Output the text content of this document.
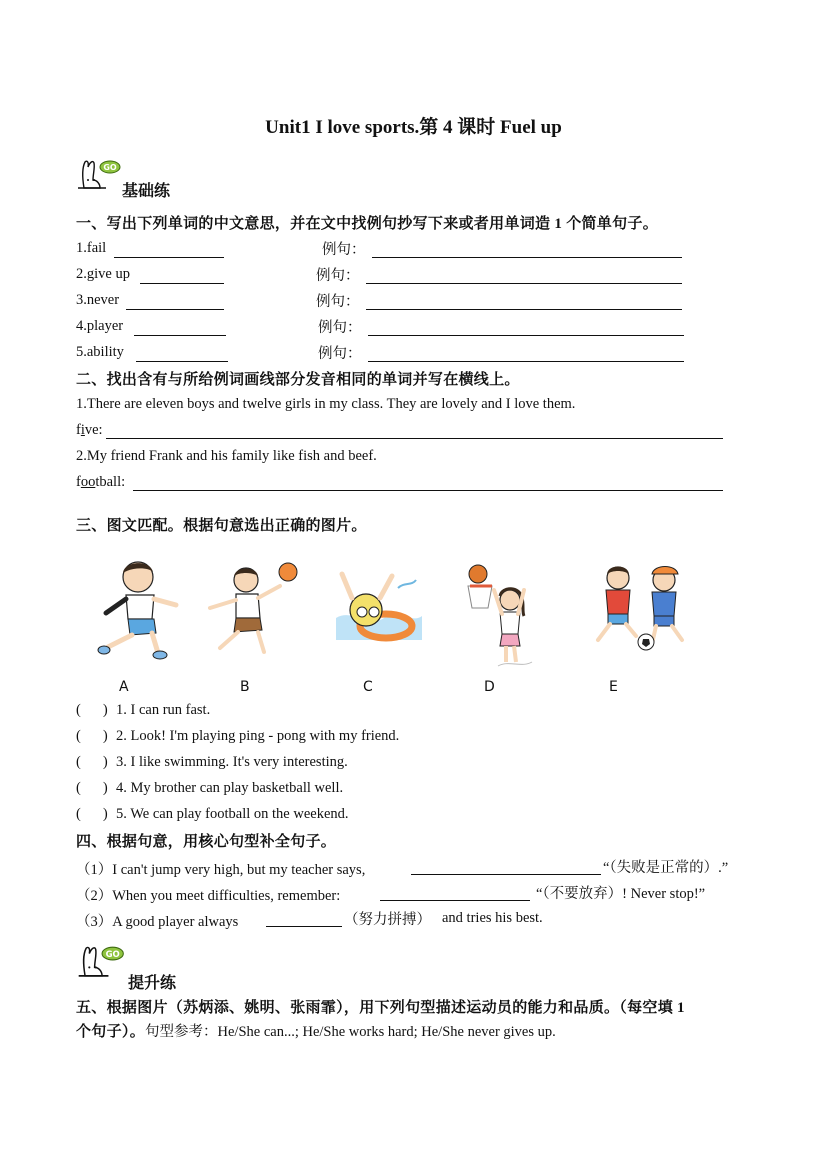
Unit1 I love sports.第 4 课时 Fuel up
GO
基础练
一、写出下列单词的中文意思，并在文中找例句抄写下来或者用单词造 1 个简单句子。
1.fail	例句：
2.give up	例句：
3.never	例句：
4.player	例句：
5.ability	例句：
二、找出含有与所给例词画线部分发音相同的单词并写在横线上。
1.There are eleven boys and twelve girls in my class. They are lovely and I love them.
five:
2.My friend Frank and his family like fish and beef.
football:
三、图文匹配。根据句意选出正确的图片。
A	B	C	D	E
( ) 1. I can run fast.
( ) 2. Look! I'm playing ping - pong with my friend.
( ) 3. I like swimming. It's very interesting.
( ) 4. My brother can play basketball well.
( ) 5. We can play football on the weekend.
四、根据句意，用核心句型补全句子。
（1）I can't jump very high, but my teacher says,	“（失败是正常的）.”
（2）When you meet difficulties, remember:	“（不要放弃）! Never stop!”
（3）A good player always	（努力拼搏） and tries his best.
GO
提升练
五、根据图片（苏炳添、姚明、张雨霏），用下列句型描述运动员的能力和品质。（每空填 1
个句子）。句型参考：He/She can...; He/She works hard; He/She never gives up.
